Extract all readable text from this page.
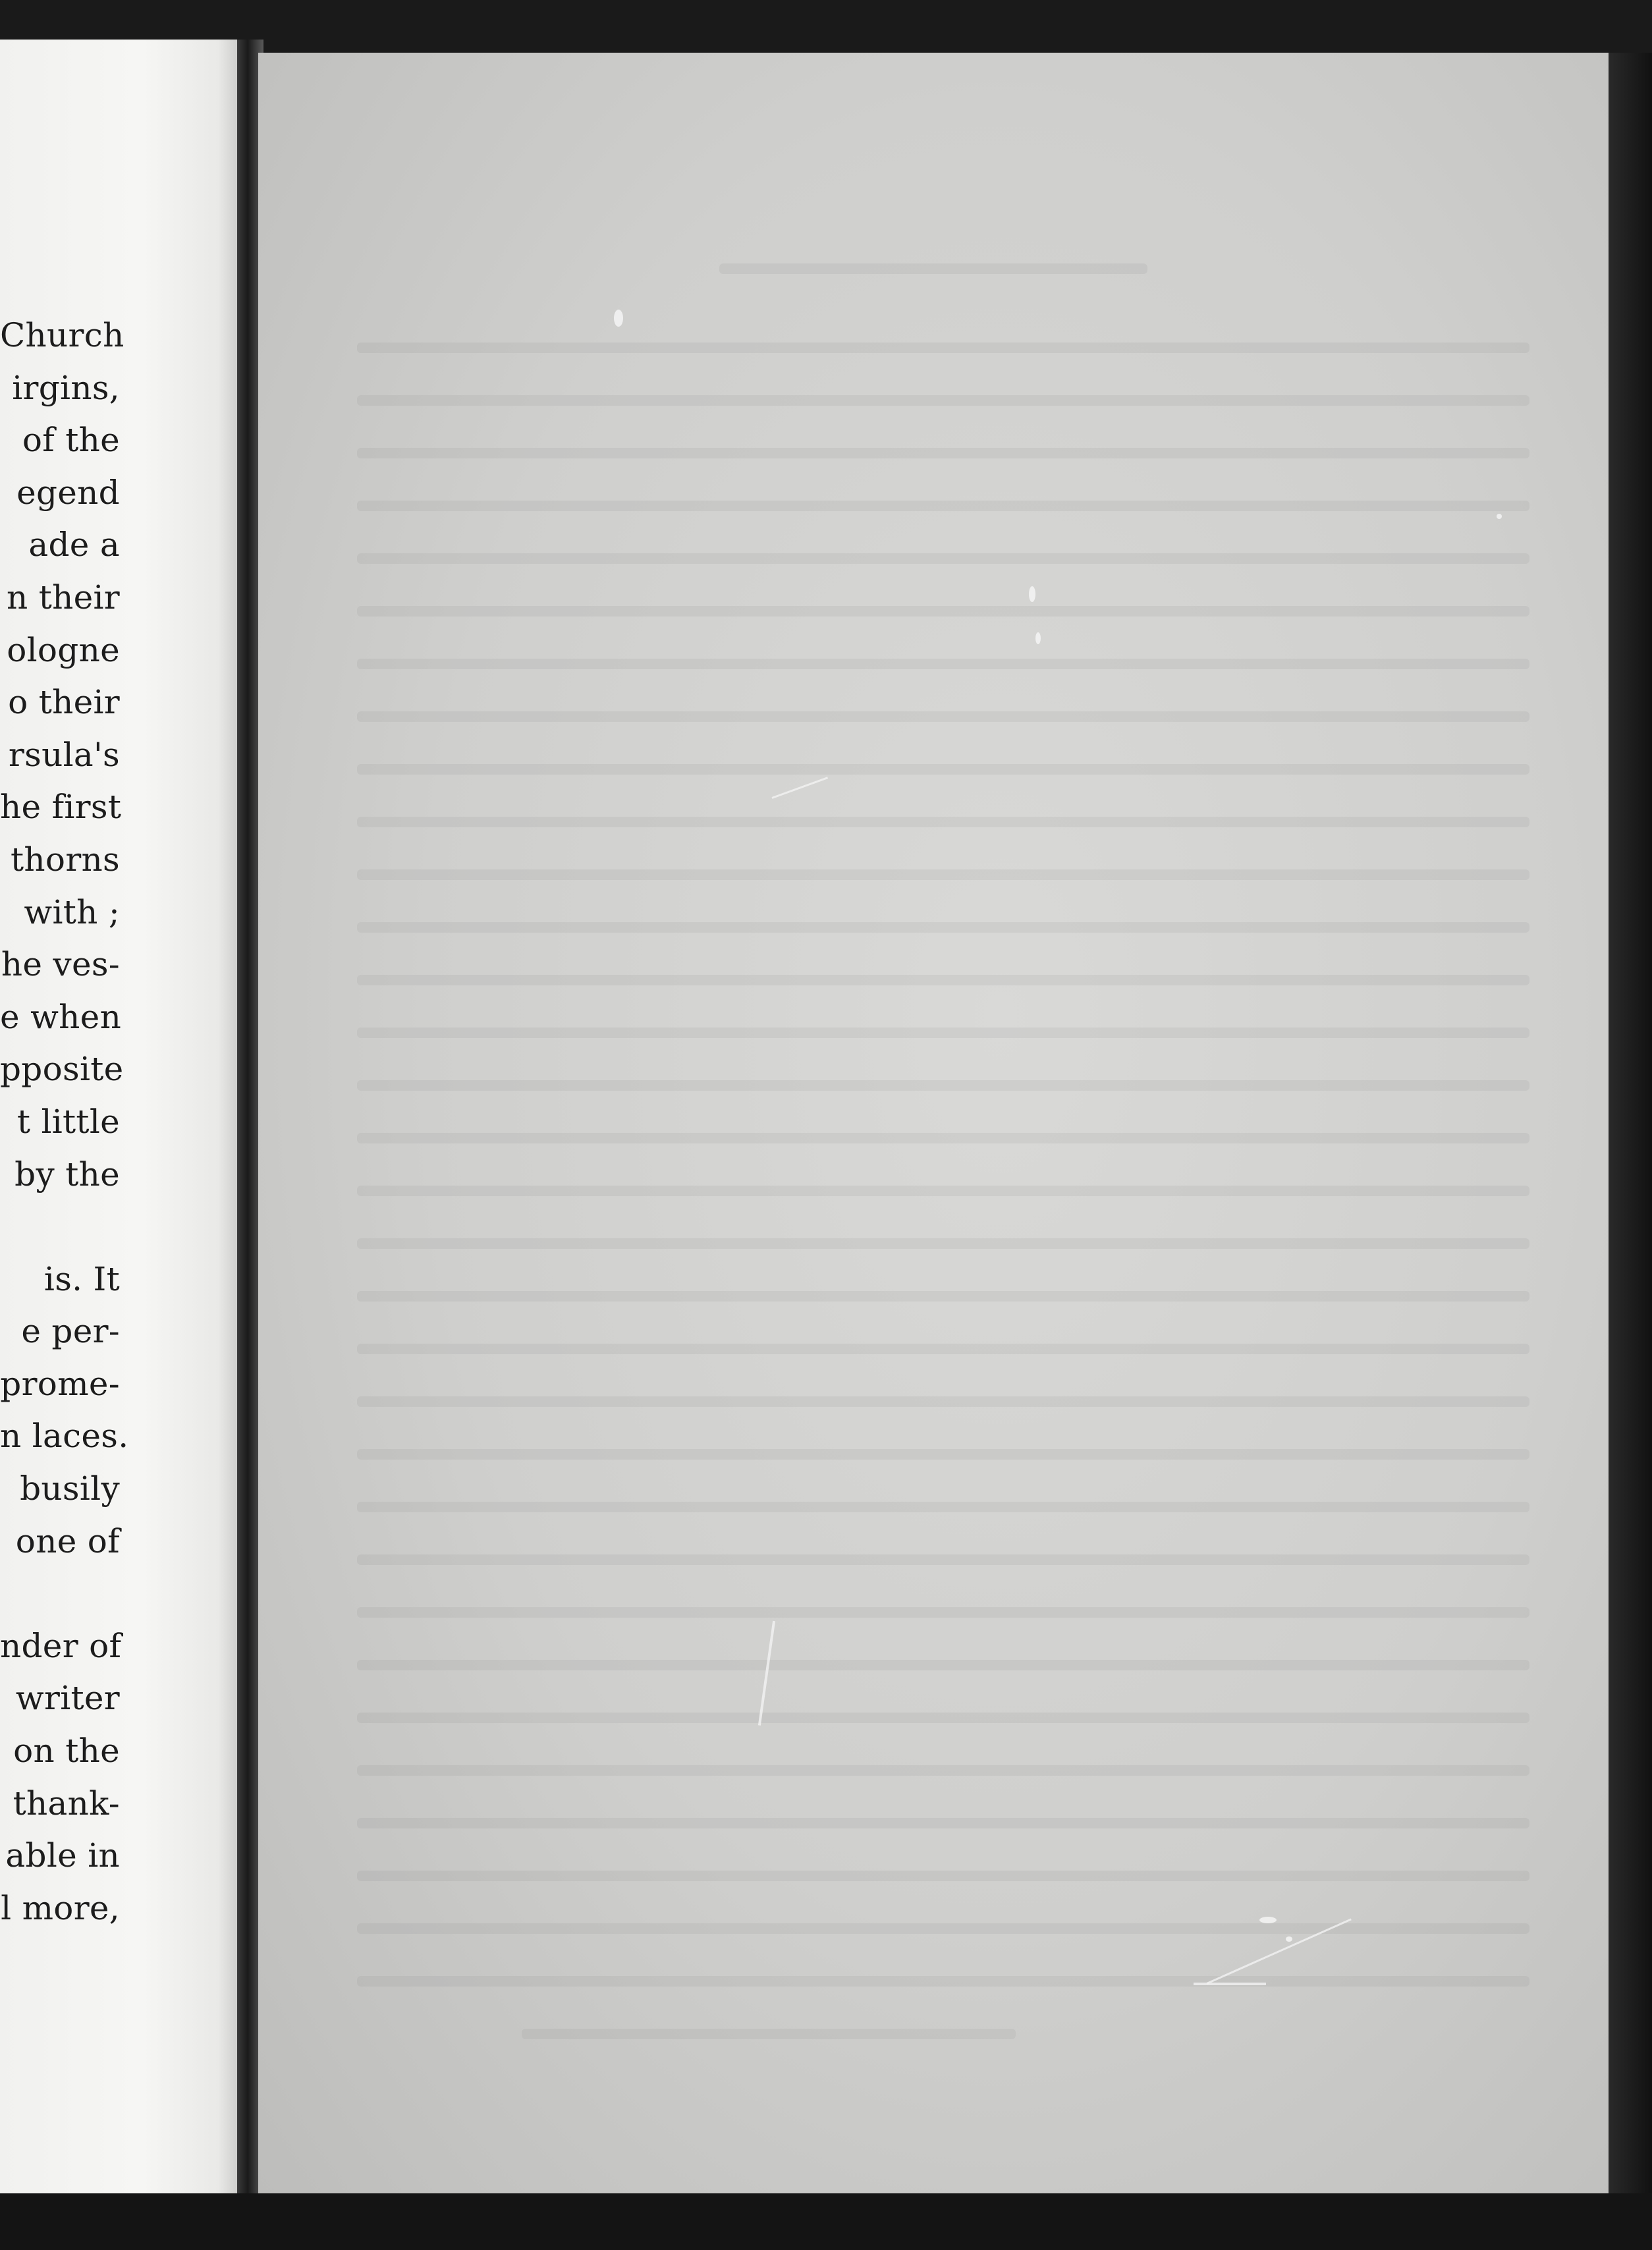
Church
irgins,
of the
egend
ade a
n their
ologne
o their
rsula's
he first
thorns
with ;
he ves-
e when
pposite
t little
by the
is. It
e per-
prome-
n laces.
busily
one of
nder of
writer
on the
thank-
able in
l more,
